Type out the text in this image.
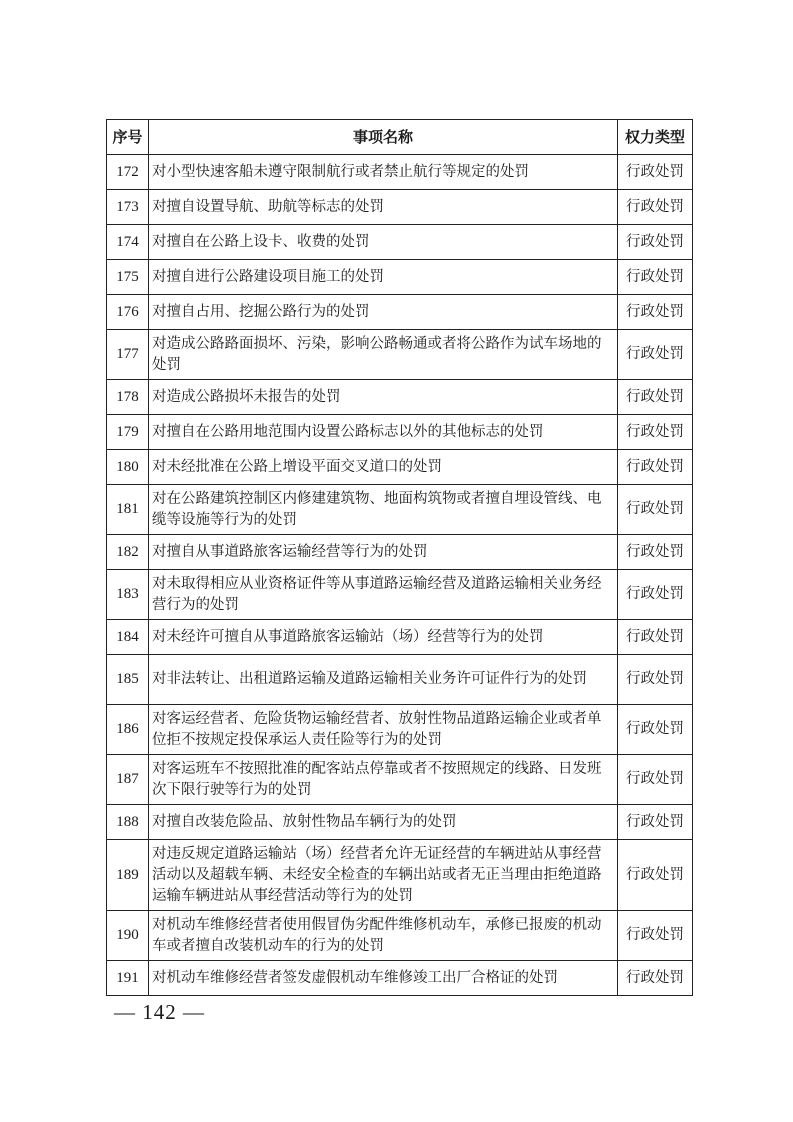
序号	事项名称	权力类型
172	对小型快速客船未遵守限制航行或者禁止航行等规定的处罚	行政处罚
173	对擅自设置导航、助航等标志的处罚	行政处罚
174	对擅自在公路上设卡、收费的处罚	行政处罚
175	对擅自进行公路建设项目施工的处罚	行政处罚
176	对擅自占用、挖掘公路行为的处罚	行政处罚
177	对造成公路路面损坏、污染，影响公路畅通或者将公路作为试车场地的处罚	行政处罚
178	对造成公路损坏未报告的处罚	行政处罚
179	对擅自在公路用地范围内设置公路标志以外的其他标志的处罚	行政处罚
180	对未经批准在公路上增设平面交叉道口的处罚	行政处罚
181	对在公路建筑控制区内修建建筑物、地面构筑物或者擅自埋设管线、电缆等设施等行为的处罚	行政处罚
182	对擅自从事道路旅客运输经营等行为的处罚	行政处罚
183	对未取得相应从业资格证件等从事道路运输经营及道路运输相关业务经营行为的处罚	行政处罚
184	对未经许可擅自从事道路旅客运输站（场）经营等行为的处罚	行政处罚
185	对非法转让、出租道路运输及道路运输相关业务许可证件行为的处罚	行政处罚
186	对客运经营者、危险货物运输经营者、放射性物品道路运输企业或者单位拒不按规定投保承运人责任险等行为的处罚	行政处罚
187	对客运班车不按照批准的配客站点停靠或者不按照规定的线路、日发班次下限行驶等行为的处罚	行政处罚
188	对擅自改装危险品、放射性物品车辆行为的处罚	行政处罚
189	对违反规定道路运输站（场）经营者允许无证经营的车辆进站从事经营活动以及超载车辆、未经安全检查的车辆出站或者无正当理由拒绝道路运输车辆进站从事经营活动等行为的处罚	行政处罚
190	对机动车维修经营者使用假冒伪劣配件维修机动车，承修已报废的机动车或者擅自改装机动车的行为的处罚	行政处罚
191	对机动车维修经营者签发虚假机动车维修竣工出厂合格证的处罚	行政处罚
— 142 —
